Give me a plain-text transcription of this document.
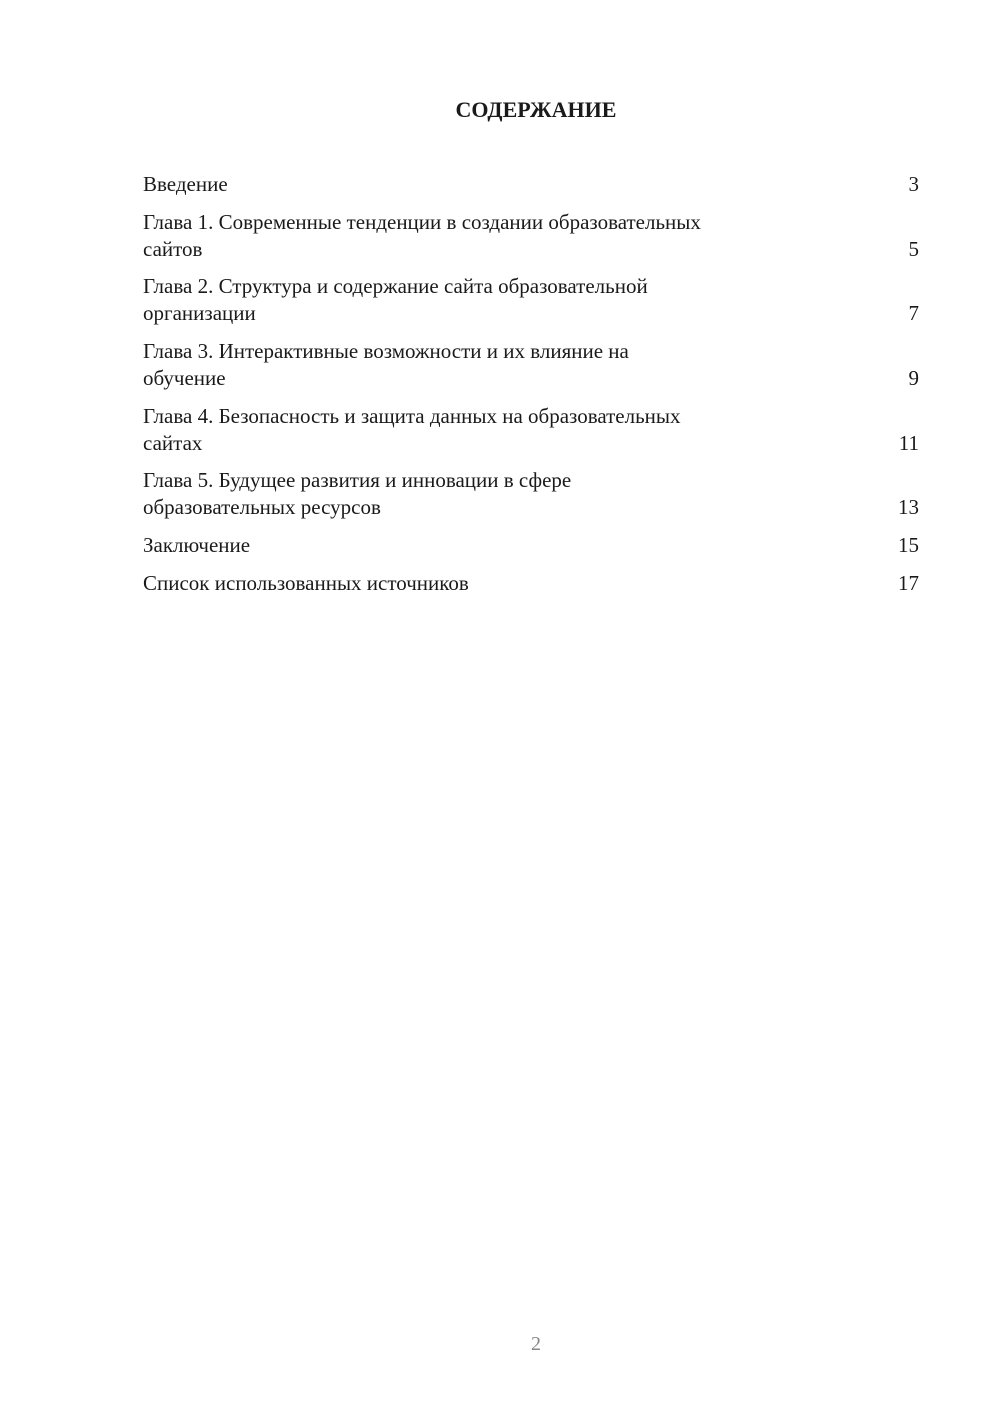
СОДЕРЖАНИЕ
Введение	3
Глава 1. Современные тенденции в создании образовательных
сайтов	5
Глава 2. Структура и содержание сайта образовательной
организации	7
Глава 3. Интерактивные возможности и их влияние на
обучение	9
Глава 4. Безопасность и защита данных на образовательных
сайтах	11
Глава 5. Будущее развития и инновации в сфере
образовательных ресурсов	13
Заключение	15
Список использованных источников	17
2
